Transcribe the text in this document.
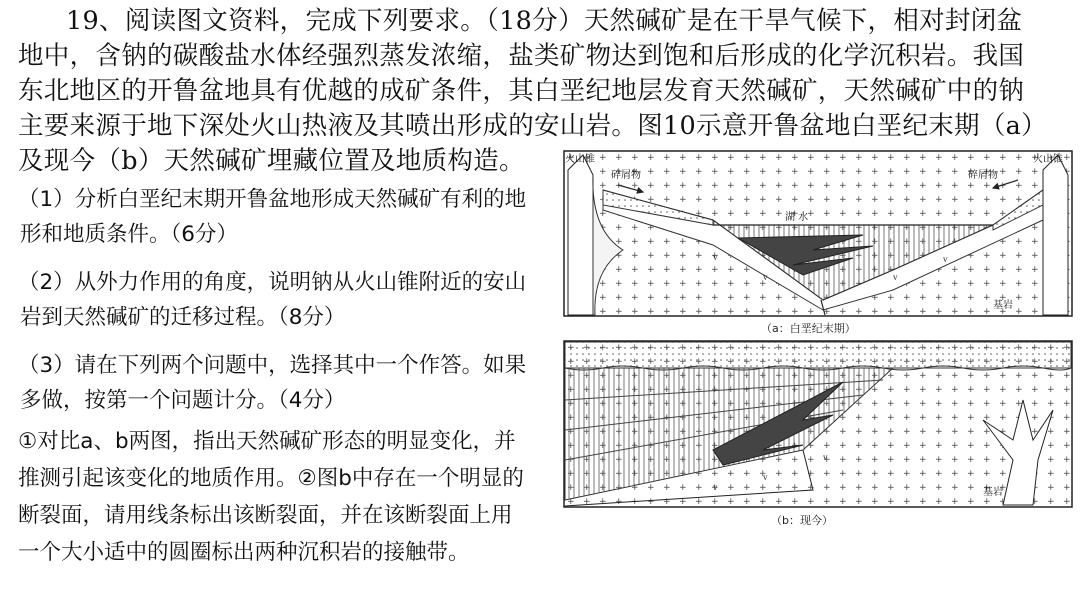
19、阅读图文资料，完成下列要求。（18分）天然碱矿是在干旱气候下，相对封闭盆
地中，含钠的碳酸盐水体经强烈蒸发浓缩，盐类矿物达到饱和后形成的化学沉积岩。我国
东北地区的开鲁盆地具有优越的成矿条件，其白垩纪地层发育天然碱矿，天然碱矿中的钠
主要来源于地下深处火山热液及其喷出形成的安山岩。图10示意开鲁盆地白垩纪末期（a）
及现今（b）天然碱矿埋藏位置及地质构造。
（1）分析白垩纪末期开鲁盆地形成天然碱矿有利的地
形和地质条件。（6分）
（2）从外力作用的角度，说明钠从火山锥附近的安山
岩到天然碱矿的迁移过程。（8分）
（3）请在下列两个问题中，选择其中一个作答。如果
多做，按第一个问题计分。（4分）
①对比a、b两图，指出天然碱矿形态的明显变化，并
推测引起该变化的地质作用。②图b中存在一个明显的
断裂面，请用线条标出该断裂面，并在该断裂面上用
一个大小适中的圆圈标出两种沉积岩的接触带。
v
v	v
v
火山锥	火山锥
碎屑物	碎屑物
湖 水
基岩
（a：白垩纪末期）
v
v
v
基岩
（b：现今）
